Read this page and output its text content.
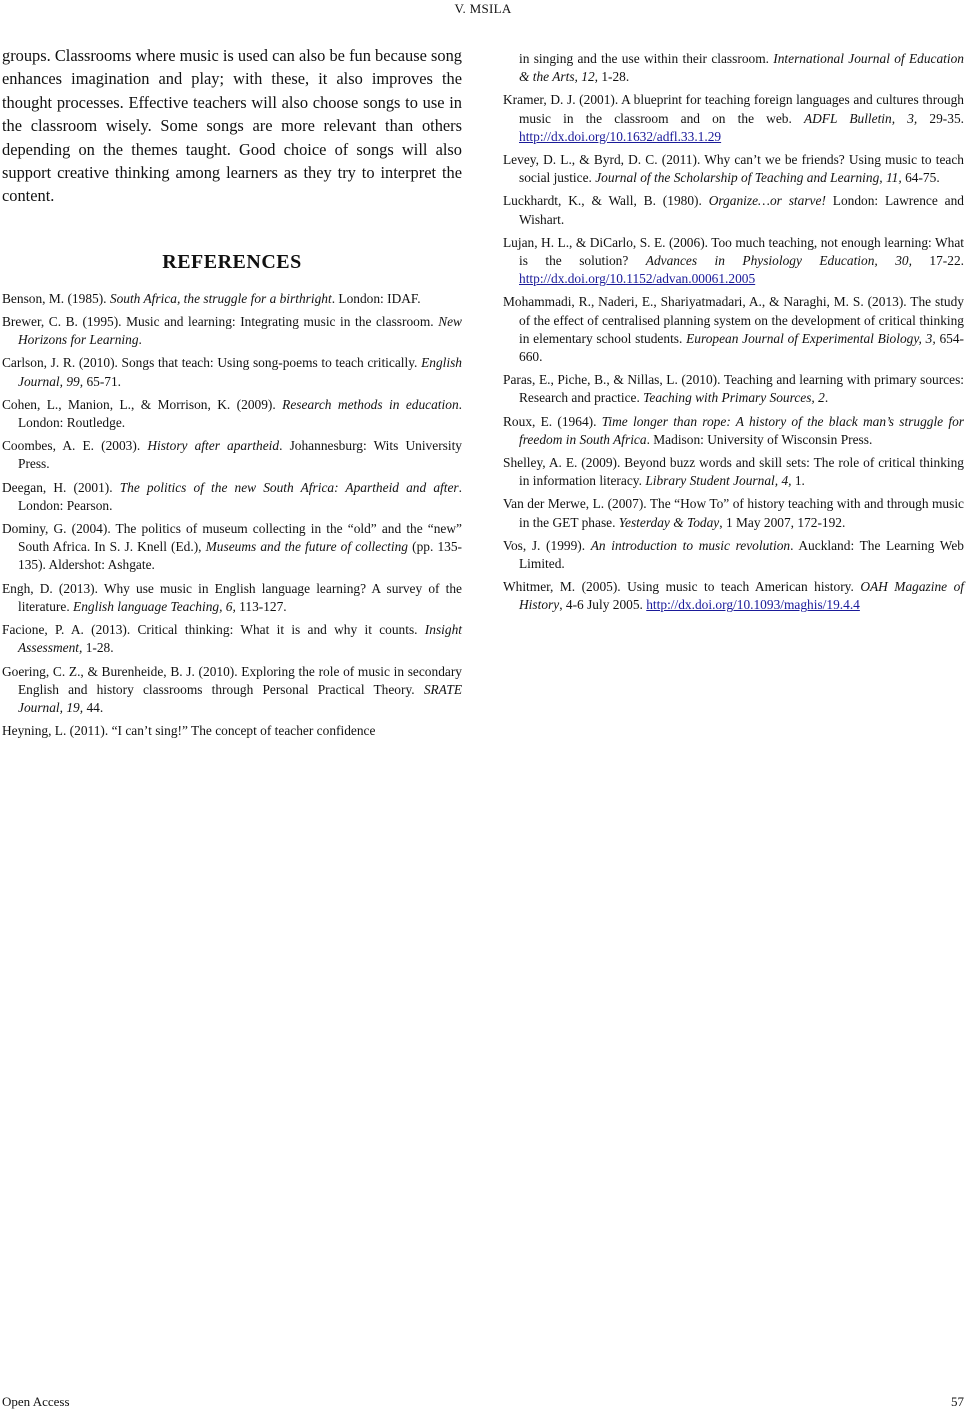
V. MSILA

groups. Classrooms where music is used can also be fun because song enhances imagination and play; with these, it also improves the thought processes. Effective teachers will also choose songs to use in the classroom wisely. Some songs are more relevant than others depending on the themes taught. Good choice of songs will also support creative thinking among learners as they try to interpret the content.

REFERENCES

Benson, M. (1985). South Africa, the struggle for a birthright. London: IDAF.

Brewer, C. B. (1995). Music and learning: Integrating music in the classroom. New Horizons for Learning.

Carlson, J. R. (2010). Songs that teach: Using song-poems to teach critically. English Journal, 99, 65-71.

Cohen, L., Manion, L., & Morrison, K. (2009). Research methods in education. London: Routledge.

Coombes, A. E. (2003). History after apartheid. Johannesburg: Wits University Press.

Deegan, H. (2001). The politics of the new South Africa: Apartheid and after. London: Pearson.

Dominy, G. (2004). The politics of museum collecting in the “old” and the “new” South Africa. In S. J. Knell (Ed.), Museums and the future of collecting (pp. 135-135). Aldershot: Ashgate.

Engh, D. (2013). Why use music in English language learning? A survey of the literature. English language Teaching, 6, 113-127.

Facione, P. A. (2013). Critical thinking: What it is and why it counts. Insight Assessment, 1-28.

Goering, C. Z., & Burenheide, B. J. (2010). Exploring the role of music in secondary English and history classrooms through Personal Practical Theory. SRATE Journal, 19, 44.

Heyning, L. (2011). “I can’t sing!” The concept of teacher confidence

in singing and the use within their classroom. International Journal of Education & the Arts, 12, 1-28.

Kramer, D. J. (2001). A blueprint for teaching foreign languages and cultures through music in the classroom and on the web. ADFL Bulletin, 3, 29-35. http://dx.doi.org/10.1632/adfl.33.1.29

Levey, D. L., & Byrd, D. C. (2011). Why can’t we be friends? Using music to teach social justice. Journal of the Scholarship of Teaching and Learning, 11, 64-75.

Luckhardt, K., & Wall, B. (1980). Organize…or starve! London: Lawrence and Wishart.

Lujan, H. L., & DiCarlo, S. E. (2006). Too much teaching, not enough learning: What is the solution? Advances in Physiology Education, 30, 17-22. http://dx.doi.org/10.1152/advan.00061.2005

Mohammadi, R., Naderi, E., Shariyatmadari, A., & Naraghi, M. S. (2013). The study of the effect of centralised planning system on the development of critical thinking in elementary school students. European Journal of Experimental Biology, 3, 654-660.

Paras, E., Piche, B., & Nillas, L. (2010). Teaching and learning with primary sources: Research and practice. Teaching with Primary Sources, 2.

Roux, E. (1964). Time longer than rope: A history of the black man’s struggle for freedom in South Africa. Madison: University of Wisconsin Press.

Shelley, A. E. (2009). Beyond buzz words and skill sets: The role of critical thinking in information literacy. Library Student Journal, 4, 1.

Van der Merwe, L. (2007). The “How To” of history teaching with and through music in the GET phase. Yesterday & Today, 1 May 2007, 172-192.

Vos, J. (1999). An introduction to music revolution. Auckland: The Learning Web Limited.

Whitmer, M. (2005). Using music to teach American history. OAH Magazine of History, 4-6 July 2005. http://dx.doi.org/10.1093/maghis/19.4.4

Open Access	57
